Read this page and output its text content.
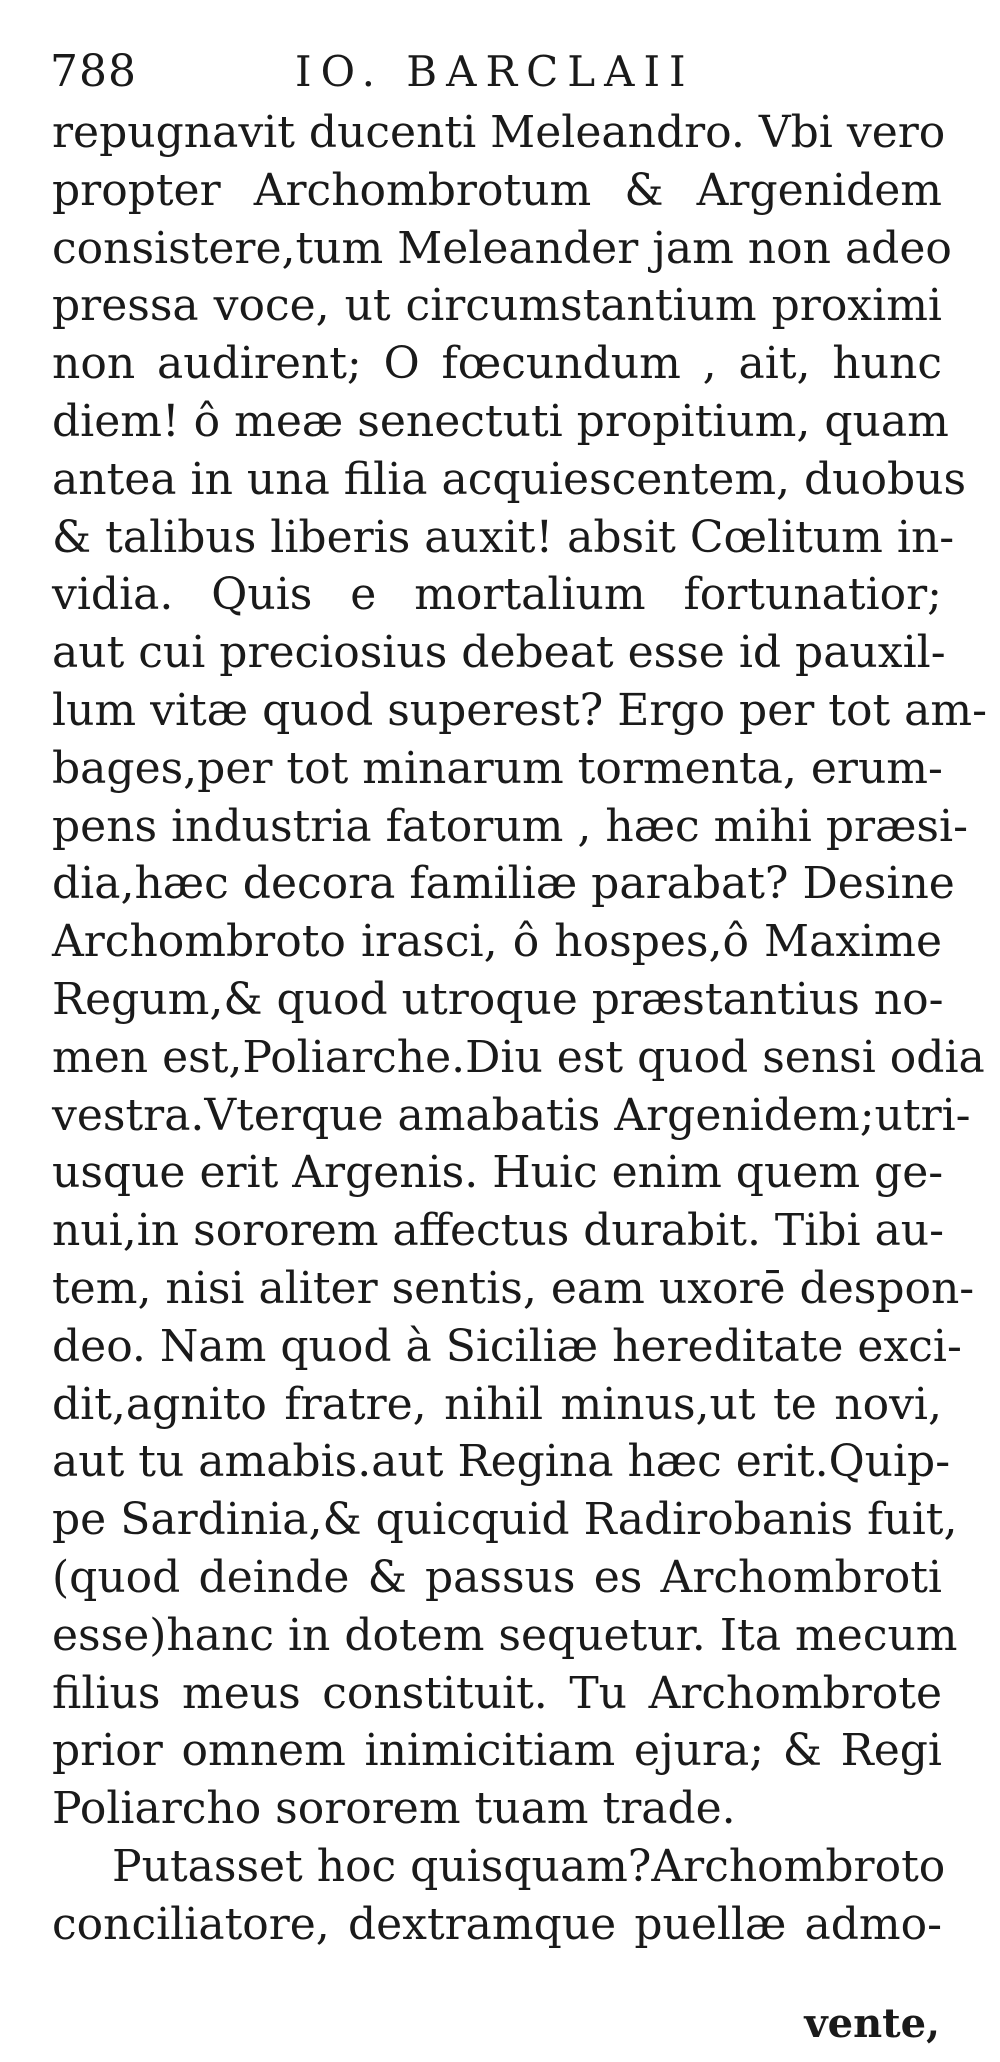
788	IO. BARCLAII
repugnavit ducenti Meleandro. Vbi vero
propter Archombrotum & Argenidem
consistere,tum Meleander jam non adeo
pressa voce, ut circumstantium proximi
non audirent; O fœcundum , ait, hunc
diem! ô meæ senectuti propitium, quam
antea in una filia acquiescentem, duobus
& talibus liberis auxit! absit Cœlitum in-
vidia. Quis e mortalium fortunatior;
aut cui preciosius debeat esse id pauxil-
lum vitæ quod superest? Ergo per tot am-
bages,per tot minarum tormenta, erum-
pens industria fatorum , hæc mihi præsi-
dia,hæc decora familiæ parabat? Desine
Archombroto irasci, ô hospes,ô Maxime
Regum,& quod utroque præstantius no-
men est,Poliarche.Diu est quod sensi odia
vestra.Vterque amabatis Argenidem;utri-
usque erit Argenis. Huic enim quem ge-
nui,in sororem affectus durabit. Tibi au-
tem, nisi aliter sentis, eam uxorē despon-
deo. Nam quod à Siciliæ hereditate exci-
dit,agnito fratre, nihil minus,ut te novi,
aut tu amabis.aut Regina hæc erit.Quip-
pe Sardinia,& quicquid Radirobanis fuit,
(quod deinde & passus es Archombroti
esse)hanc in dotem sequetur. Ita mecum
filius meus constituit. Tu Archombrote
prior omnem inimicitiam ejura; & Regi
Poliarcho sororem tuam trade.
Putasset hoc quisquam?Archombroto
conciliatore, dextramque puellæ admo-
vente,
